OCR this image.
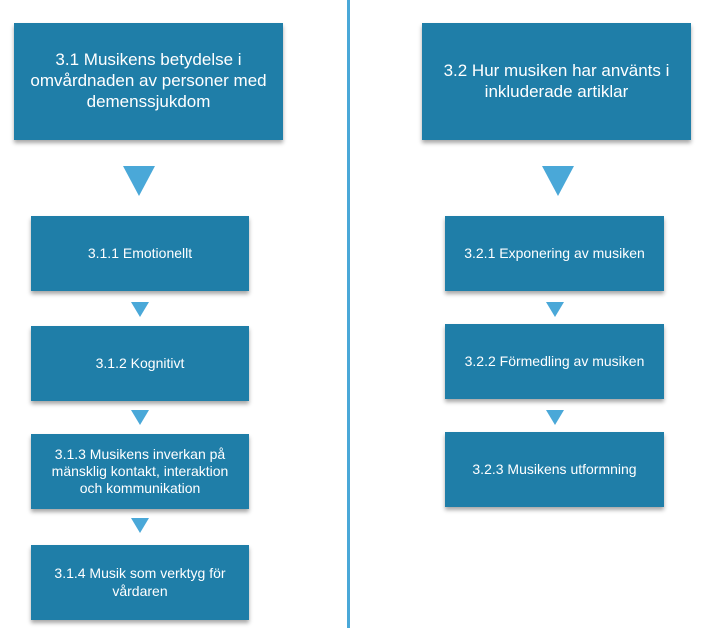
3.1 Musikens betydelse i omvårdnaden av personer med demenssjukdom
3.1.1 Emotionellt
3.1.2 Kognitivt
3.1.3 Musikens inverkan på mänsklig kontakt, interaktion och kommunikation
3.1.4 Musik som verktyg för vårdaren
3.2 Hur musiken har använts i inkluderade artiklar
3.2.1 Exponering av musiken
3.2.2 Förmedling av musiken
3.2.3 Musikens utformning
